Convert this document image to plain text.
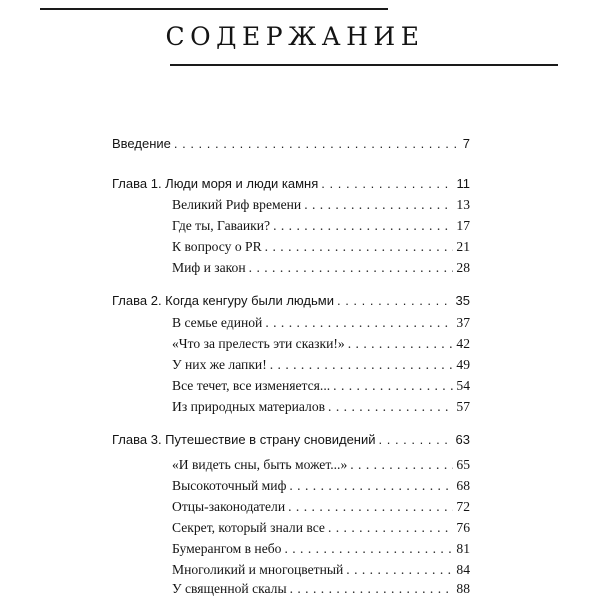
СОДЕРЖАНИЕ
Введение . . .	7
Глава 1. Люди моря и люди камня . . .	11
Великий Риф времени . . .	13
Где ты, Гаваики? . . .	17
К вопросу о PR . . .	21
Миф и закон . . .	28
Глава 2. Когда кенгуру были людьми . . .	35
В семье единой . . .	37
«Что за прелесть эти сказки!» . . .	42
У них же лапки! . . .	49
Все течет, все изменяется... . . .	54
Из природных материалов . . .	57
Глава 3. Путешествие в страну сновидений . . .	63
«И видеть сны, быть может...» . . .	65
Высокоточный миф . . .	68
Отцы-законодатели . . .	72
Секрет, который знали все . . .	76
Бумерангом в небо . . .	81
Многоликий и многоцветный . . .	84
У священной скалы . . .	88
